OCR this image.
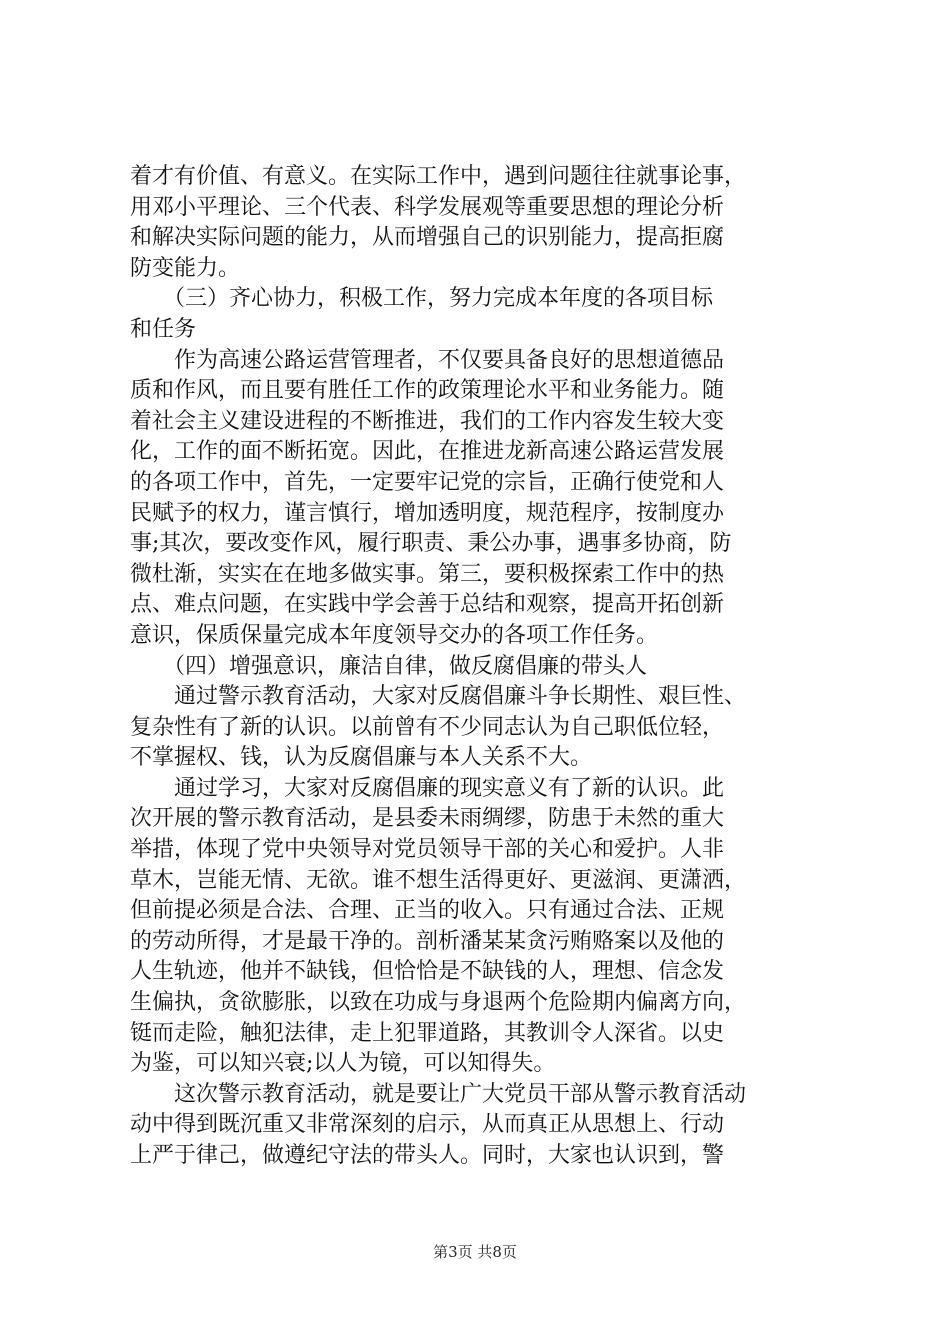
着才有价值、有意义。在实际工作中，遇到问题往往就事论事，
用邓小平理论、三个代表、科学发展观等重要思想的理论分析
和解决实际问题的能力，从而增强自己的识别能力，提高拒腐
防变能力。
　　（三）齐心协力，积极工作，努力完成本年度的各项目标
和任务
　　作为高速公路运营管理者，不仅要具备良好的思想道德品
质和作风，而且要有胜任工作的政策理论水平和业务能力。随
着社会主义建设进程的不断推进，我们的工作内容发生较大变
化，工作的面不断拓宽。因此，在推进龙新高速公路运营发展
的各项工作中，首先，一定要牢记党的宗旨，正确行使党和人
民赋予的权力，谨言慎行，增加透明度，规范程序，按制度办
事;其次，要改变作风，履行职责、秉公办事，遇事多协商，防
微杜渐，实实在在地多做实事。第三，要积极探索工作中的热
点、难点问题，在实践中学会善于总结和观察，提高开拓创新
意识，保质保量完成本年度领导交办的各项工作任务。
　　（四）增强意识，廉洁自律，做反腐倡廉的带头人
　　通过警示教育活动，大家对反腐倡廉斗争长期性、艰巨性、
复杂性有了新的认识。以前曾有不少同志认为自己职低位轻，
不掌握权、钱，认为反腐倡廉与本人关系不大。
　　通过学习，大家对反腐倡廉的现实意义有了新的认识。此
次开展的警示教育活动，是县委未雨绸缪，防患于未然的重大
举措，体现了党中央领导对党员领导干部的关心和爱护。人非
草木，岂能无情、无欲。谁不想生活得更好、更滋润、更潇洒，
但前提必须是合法、合理、正当的收入。只有通过合法、正规
的劳动所得，才是最干净的。剖析潘某某贪污贿赂案以及他的
人生轨迹，他并不缺钱，但恰恰是不缺钱的人，理想、信念发
生偏执，贪欲膨胀，以致在功成与身退两个危险期内偏离方向，
铤而走险，触犯法律，走上犯罪道路，其教训令人深省。以史
为鉴，可以知兴衰;以人为镜，可以知得失。
　　这次警示教育活动，就是要让广大党员干部从警示教育活动
动中得到既沉重又非常深刻的启示，从而真正从思想上、行动
上严于律己，做遵纪守法的带头人。同时，大家也认识到，警
第3页 共8页
